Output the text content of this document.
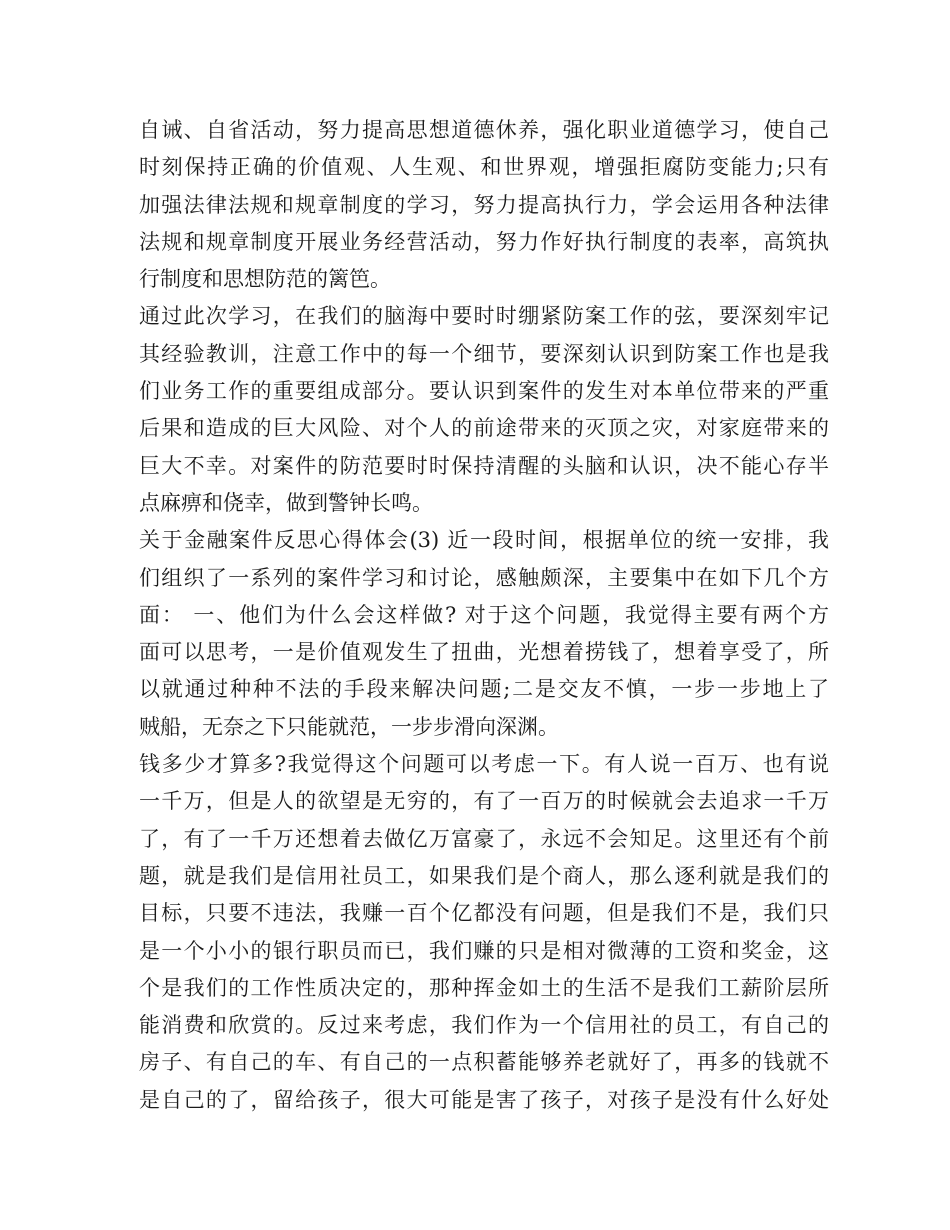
自诫、自省活动，努力提高思想道德休养，强化职业道德学习，使自己
时刻保持正确的价值观、人生观、和世界观，增强拒腐防变能力;只有
加强法律法规和规章制度的学习，努力提高执行力，学会运用各种法律
法规和规章制度开展业务经营活动，努力作好执行制度的表率，高筑执
行制度和思想防范的篱笆。
通过此次学习，在我们的脑海中要时时绷紧防案工作的弦，要深刻牢记
其经验教训，注意工作中的每一个细节，要深刻认识到防案工作也是我
们业务工作的重要组成部分。要认识到案件的发生对本单位带来的严重
后果和造成的巨大风险、对个人的前途带来的灭顶之灾，对家庭带来的
巨大不幸。对案件的防范要时时保持清醒的头脑和认识，决不能心存半
点麻痹和侥幸，做到警钟长鸣。
关于金融案件反思心得体会(3) 近一段时间，根据单位的统一安排，我
们组织了一系列的案件学习和讨论，感触颇深，主要集中在如下几个方
面： 一、他们为什么会这样做? 对于这个问题，我觉得主要有两个方
面可以思考，一是价值观发生了扭曲，光想着捞钱了，想着享受了，所
以就通过种种不法的手段来解决问题;二是交友不慎，一步一步地上了
贼船，无奈之下只能就范，一步步滑向深渊。
钱多少才算多?我觉得这个问题可以考虑一下。有人说一百万、也有说
一千万，但是人的欲望是无穷的，有了一百万的时候就会去追求一千万
了，有了一千万还想着去做亿万富豪了，永远不会知足。这里还有个前
题，就是我们是信用社员工，如果我们是个商人，那么逐利就是我们的
目标，只要不违法，我赚一百个亿都没有问题，但是我们不是，我们只
是一个小小的银行职员而已，我们赚的只是相对微薄的工资和奖金，这
个是我们的工作性质决定的，那种挥金如土的生活不是我们工薪阶层所
能消费和欣赏的。反过来考虑，我们作为一个信用社的员工，有自己的
房子、有自己的车、有自己的一点积蓄能够养老就好了，再多的钱就不
是自己的了，留给孩子，很大可能是害了孩子，对孩子是没有什么好处
